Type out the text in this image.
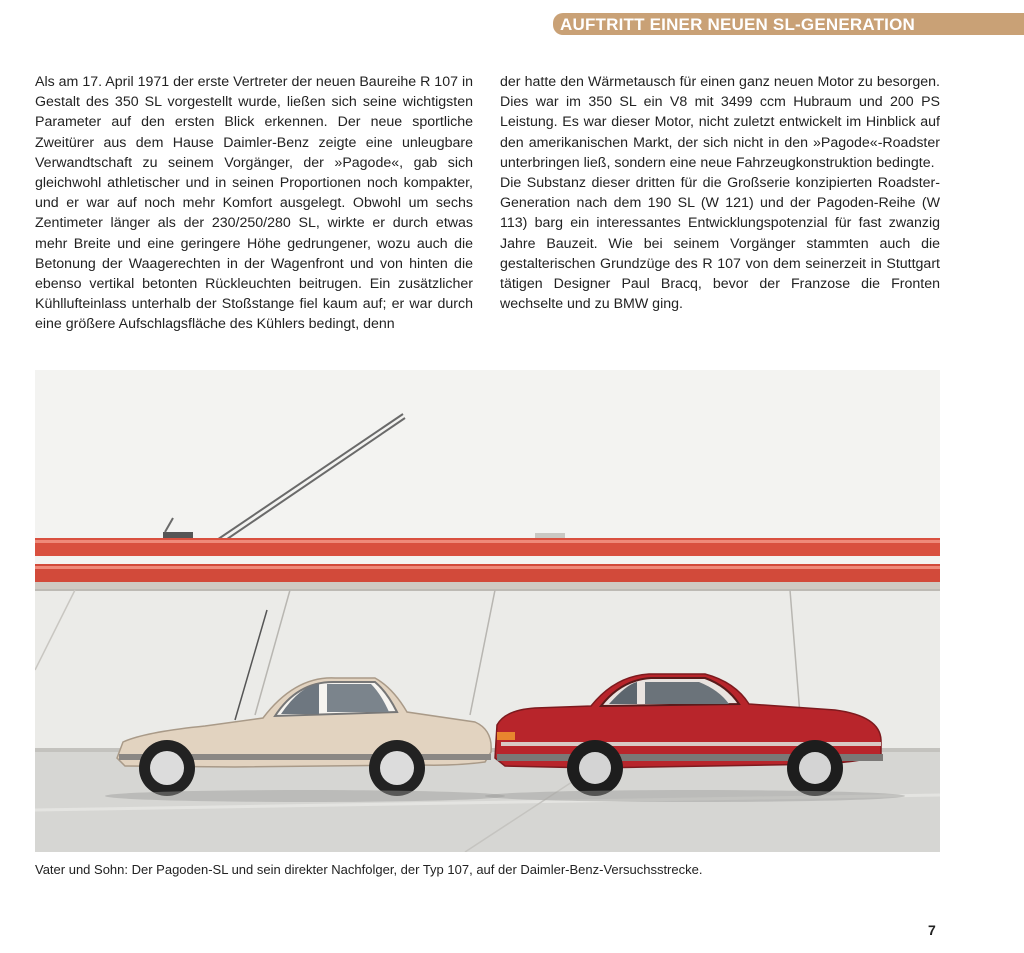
AUFTRITT EINER NEUEN SL-GENERATION

Als am 17. April 1971 der erste Vertreter der neuen Baureihe R 107 in Gestalt des 350 SL vorgestellt wurde, ließen sich seine wichtigsten Parameter auf den ersten Blick erkennen. Der neue sportliche Zweitürer aus dem Hause Daimler-Benz zeigte eine unleugbare Verwandtschaft zu seinem Vorgänger, der »Pagode«, gab sich gleichwohl athletischer und in seinen Proportionen noch kompakter, und er war auf noch mehr Komfort ausgelegt. Obwohl um sechs Zentimeter länger als der 230/250/280 SL, wirkte er durch etwas mehr Breite und eine geringere Höhe gedrungener, wozu auch die Betonung der Waagerechten in der Wagenfront und von hinten die ebenso vertikal betonten Rückleuchten beitrugen. Ein zusätzlicher Kühllufteinlass unterhalb der Stoßstange fiel kaum auf; er war durch eine größere Aufschlagsfläche des Kühlers bedingt, denn

der hatte den Wärmetausch für einen ganz neuen Motor zu besorgen. Dies war im 350 SL ein V8 mit 3499 ccm Hubraum und 200 PS Leistung. Es war dieser Motor, nicht zuletzt entwickelt im Hinblick auf den amerikanischen Markt, der sich nicht in den »Pagode«-Roadster unterbringen ließ, sondern eine neue Fahrzeugkonstruktion bedingte.

Die Substanz dieser dritten für die Großserie konzipierten Roadster-Generation nach dem 190 SL (W 121) und der Pagoden-Reihe (W 113) barg ein interessantes Entwicklungspotenzial für fast zwanzig Jahre Bauzeit. Wie bei seinem Vorgänger stammten auch die gestalterischen Grundzüge des R 107 von dem seinerzeit in Stuttgart tätigen Designer Paul Bracq, bevor der Franzose die Fronten wechselte und zu BMW ging.

Vater und Sohn: Der Pagoden-SL und sein direkter Nachfolger, der Typ 107, auf der Daimler-Benz-Versuchsstrecke.
7
